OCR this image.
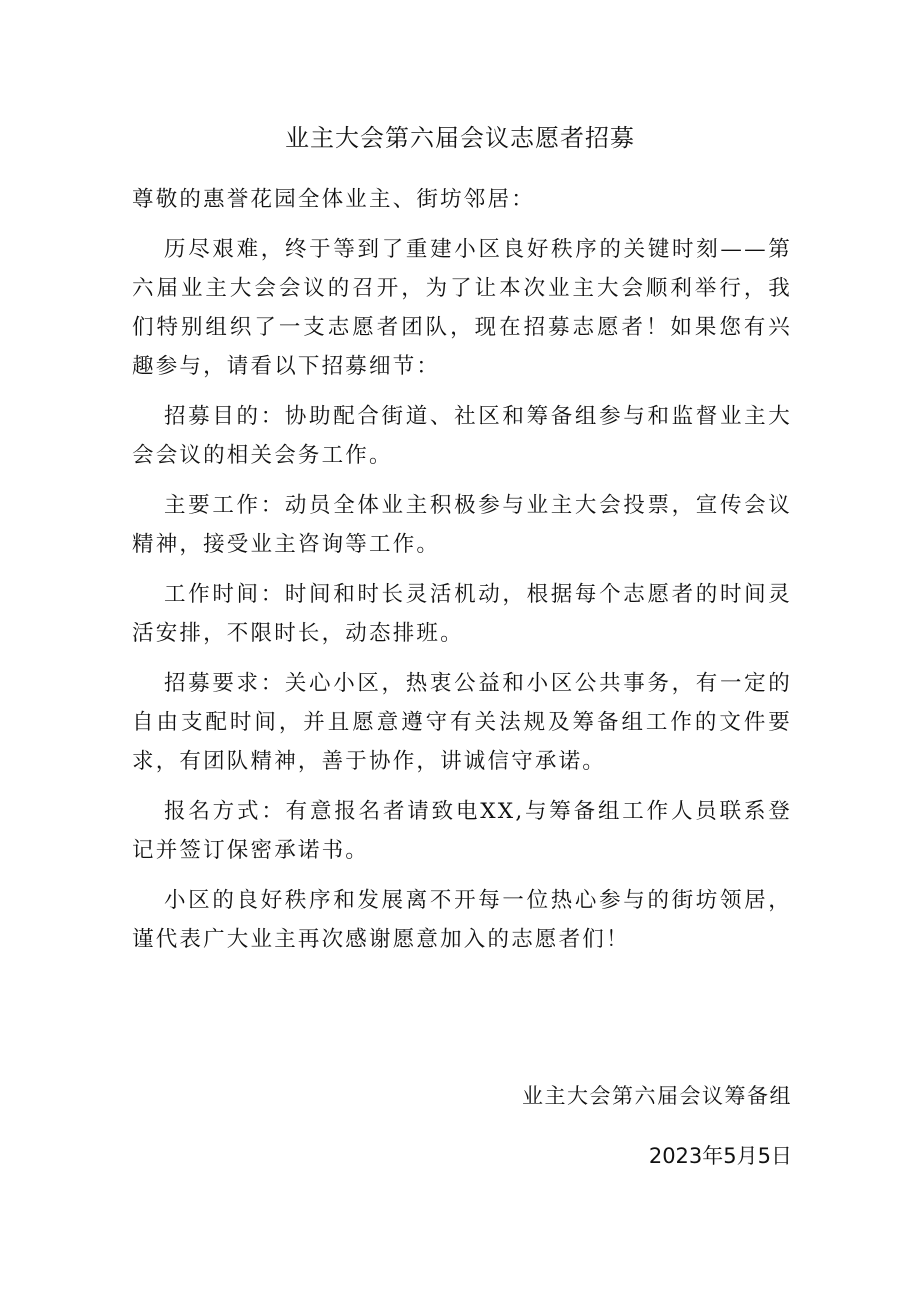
业主大会第六届会议志愿者招募

尊敬的惠誉花园全体业主、街坊邻居：

历尽艰难，终于等到了重建小区良好秩序的关键时刻——第六届业主大会会议的召开，为了让本次业主大会顺利举行，我们特别组织了一支志愿者团队，现在招募志愿者！如果您有兴趣参与，请看以下招募细节：

招募目的：协助配合街道、社区和筹备组参与和监督业主大会会议的相关会务工作。

主要工作：动员全体业主积极参与业主大会投票，宣传会议精神，接受业主咨询等工作。

工作时间：时间和时长灵活机动，根据每个志愿者的时间灵活安排，不限时长，动态排班。

招募要求：关心小区，热衷公益和小区公共事务，有一定的自由支配时间，并且愿意遵守有关法规及筹备组工作的文件要求，有团队精神，善于协作，讲诚信守承诺。

报名方式：有意报名者请致电XX,与筹备组工作人员联系登记并签订保密承诺书。

小区的良好秩序和发展离不开每一位热心参与的街坊领居，谨代表广大业主再次感谢愿意加入的志愿者们！

业主大会第六届会议筹备组
2023年5月5日
